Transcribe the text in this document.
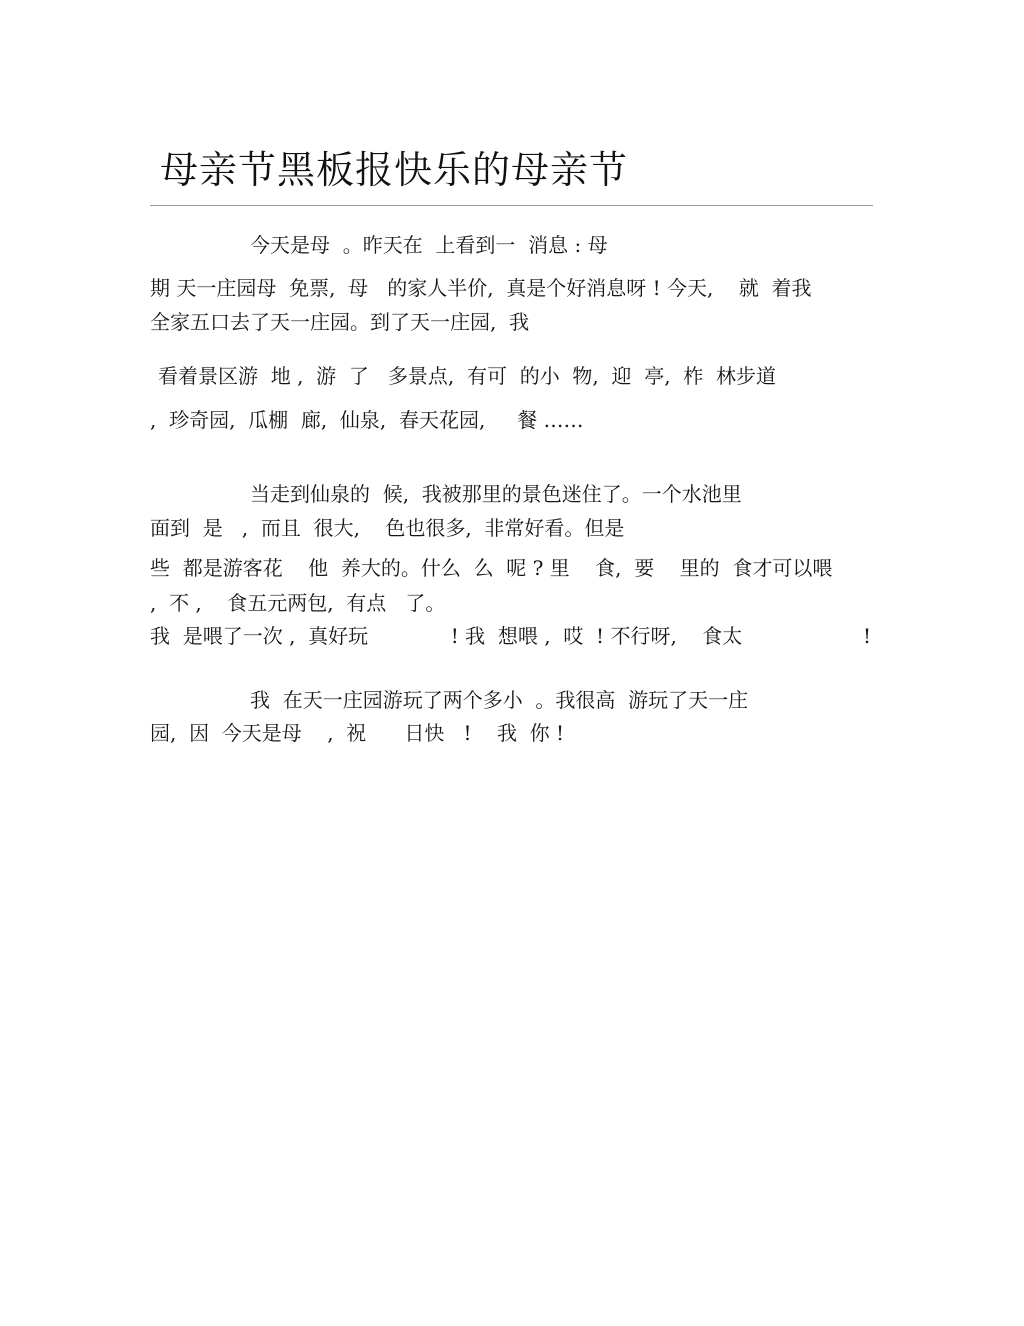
母亲节黑板报快乐的母亲节
今天是母  。昨天在  上看到一  消息 : 母
期 天一庄园母  免票,  母   的家人半价,  真是个好消息呀 ! 今天,    就  着我
全家五口去了天一庄园。到了天一庄园,  我
看着景区游  地 ,  游  了   多景点,  有可  的小  物,  迎  亭,  柞  林步道
,  珍奇园,  瓜棚  廊,  仙泉,  春天花园,     餐 ……
当走到仙泉的  候,  我被那里的景色迷住了。一个水池里
面到  是   ,  而且  很大,    色也很多,  非常好看。但是
些  都是游客花    他  养大的。什么  么  呢 ? 里    食,  要    里的  食才可以喂
,  不 ,    食五元两包,  有点   了。
我  是喂了一次 ,  真好玩             ! 我  想喂 ,  哎  ! 不行呀,    食太                   !
我  在天一庄园游玩了两个多小  。我很高  游玩了天一庄
园,  因  今天是母    ,  祝      日快   !    我  你 !
